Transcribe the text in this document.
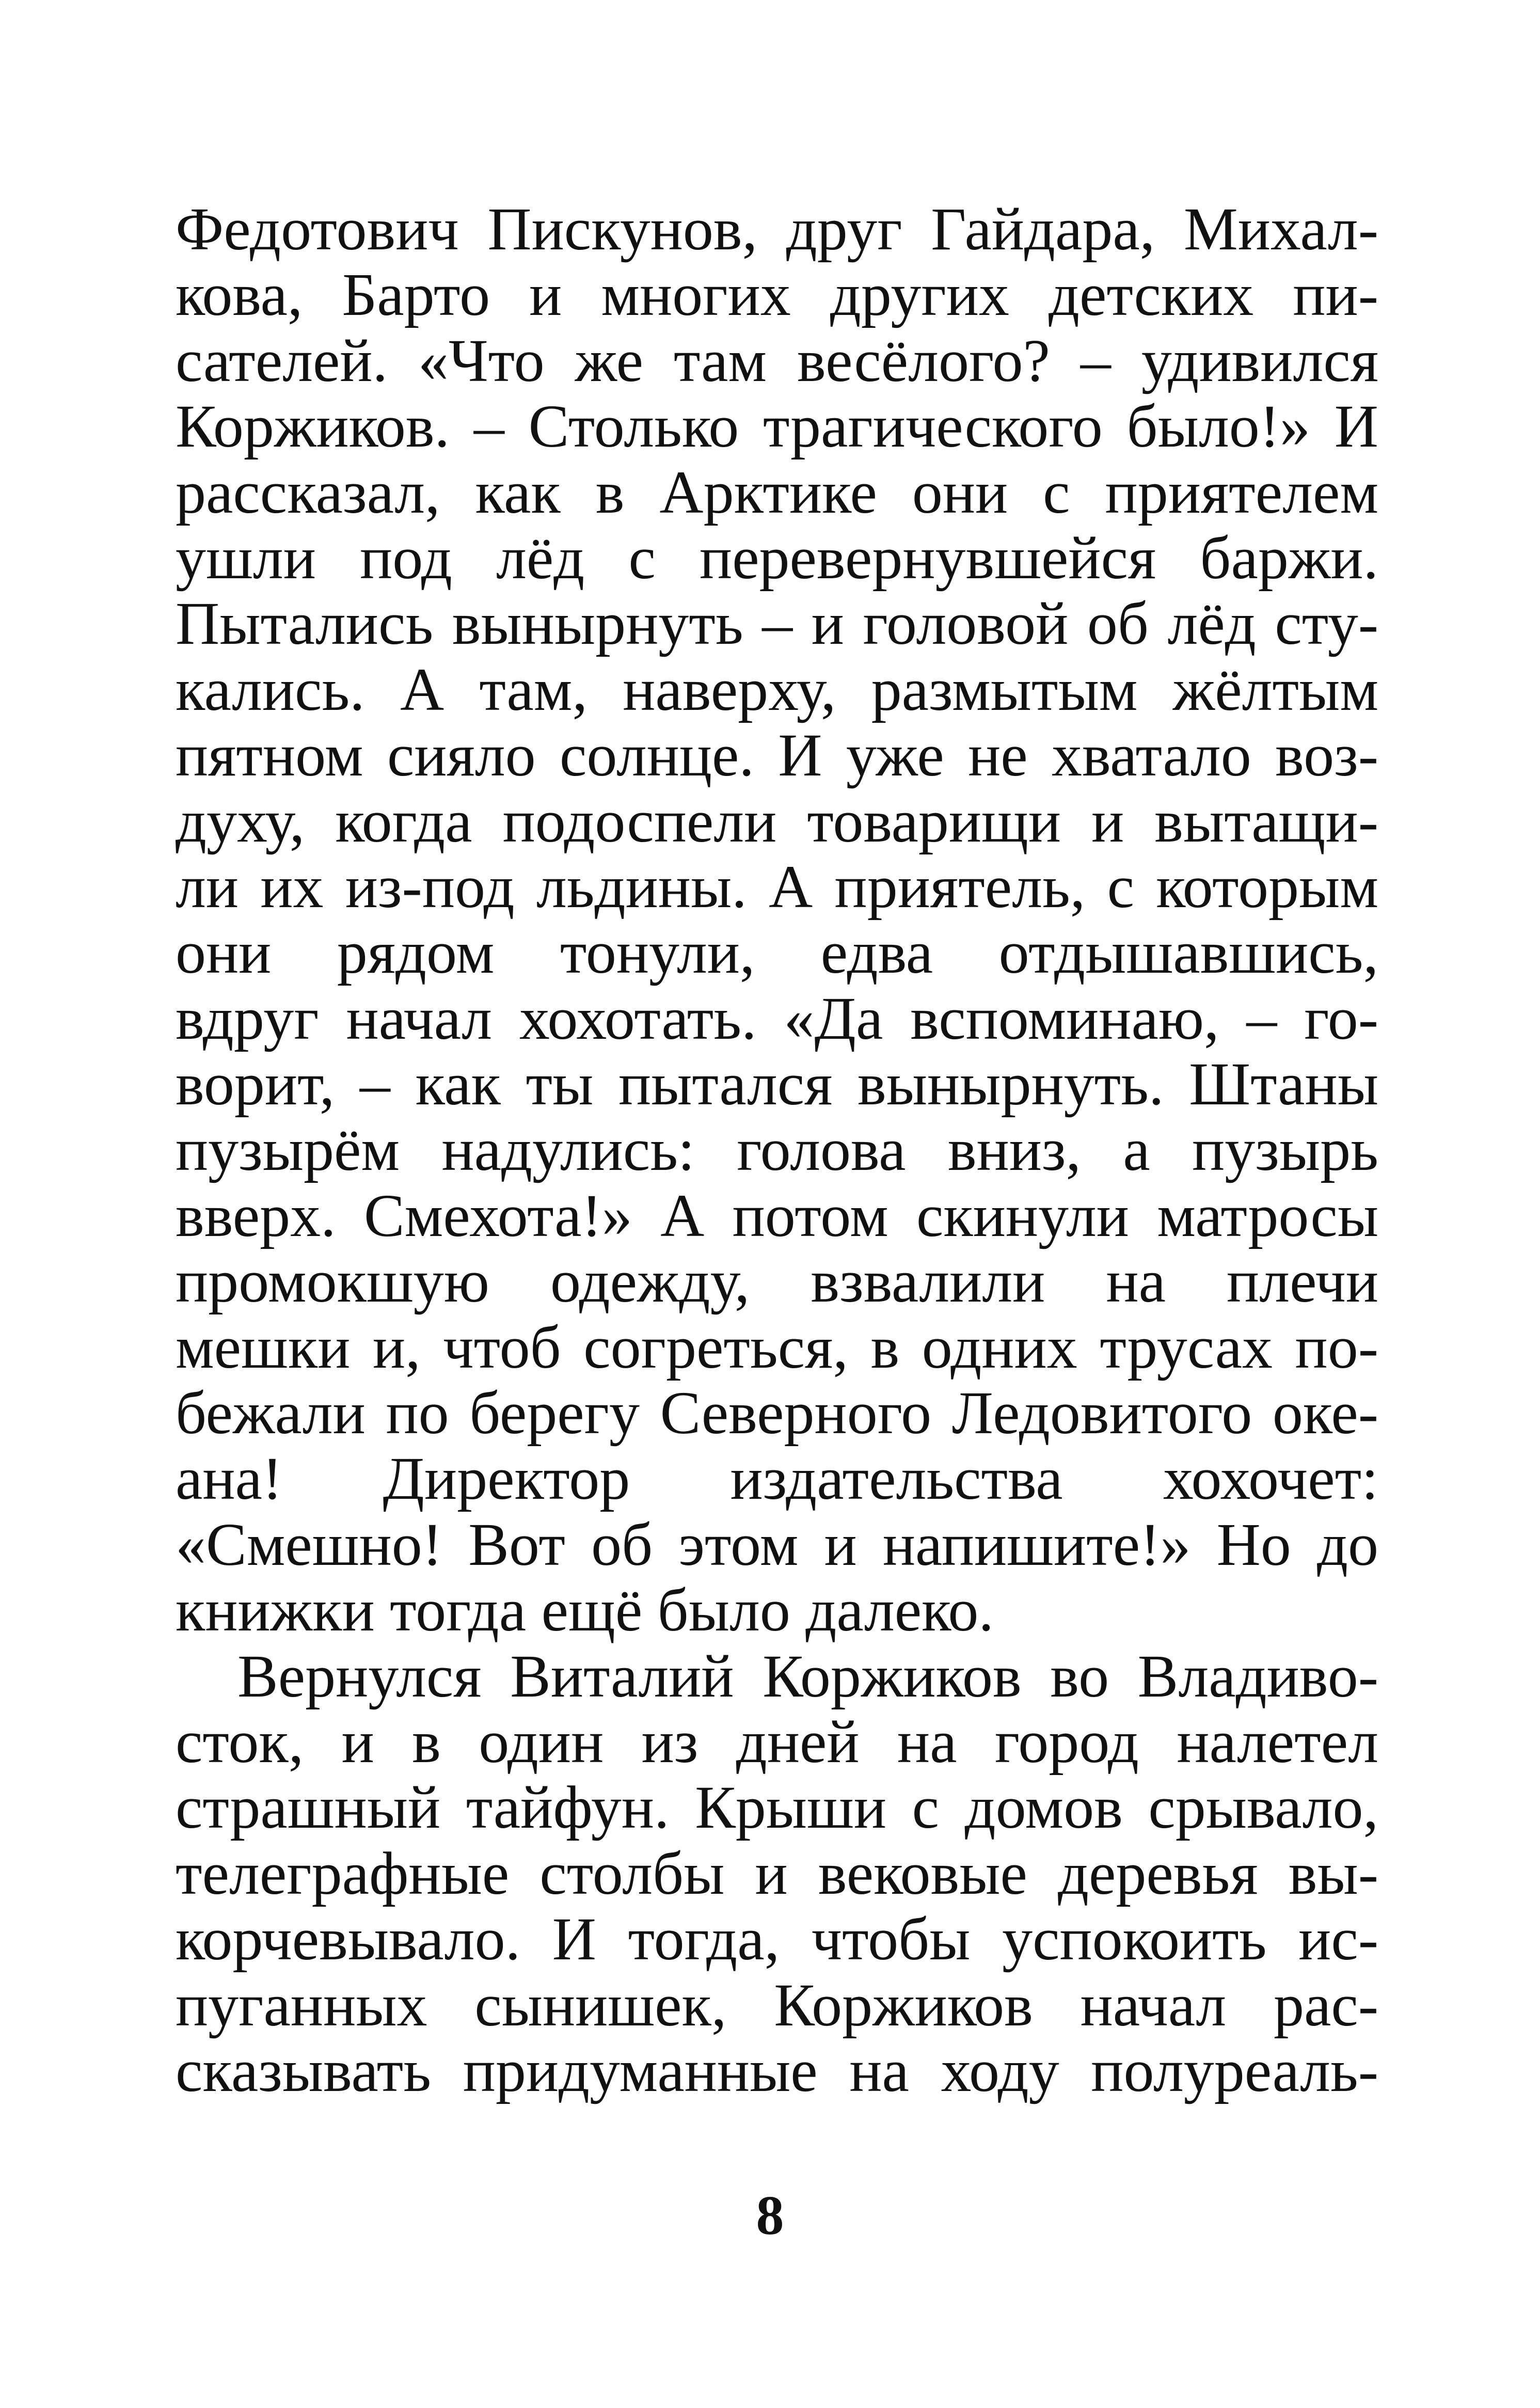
Федотович Пискунов, друг Гайдара, Михал-
кова, Барто и многих других детских пи-
сателей. «Что же там весёлого? – удивился
Коржиков. – Столько трагического было!» И
рассказал, как в Арктике они с приятелем
ушли под лёд с перевернувшейся баржи.
Пытались вынырнуть – и головой об лёд сту-
кались. А там, наверху, размытым жёлтым
пятном сияло солнце. И уже не хватало воз-
духу, когда подоспели товарищи и вытащи-
ли их из-под льдины. А приятель, с которым
они рядом тонули, едва отдышавшись,
вдруг начал хохотать. «Да вспоминаю, – го-
ворит, – как ты пытался вынырнуть. Штаны
пузырём надулись: голова вниз, а пузырь
вверх. Смехота!» А потом скинули матросы
промокшую одежду, взвалили на плечи
мешки и, чтоб согреться, в одних трусах по-
бежали по берегу Северного Ледовитого оке-
ана! Директор издательства хохочет:
«Смешно! Вот об этом и напишите!» Но до
книжки тогда ещё было далеко.
Вернулся Виталий Коржиков во Владиво-
сток, и в один из дней на город налетел
страшный тайфун. Крыши с домов срывало,
телеграфные столбы и вековые деревья вы-
корчевывало. И тогда, чтобы успокоить ис-
пуганных сынишек, Коржиков начал рас-
сказывать придуманные на ходу полуреаль-
8
